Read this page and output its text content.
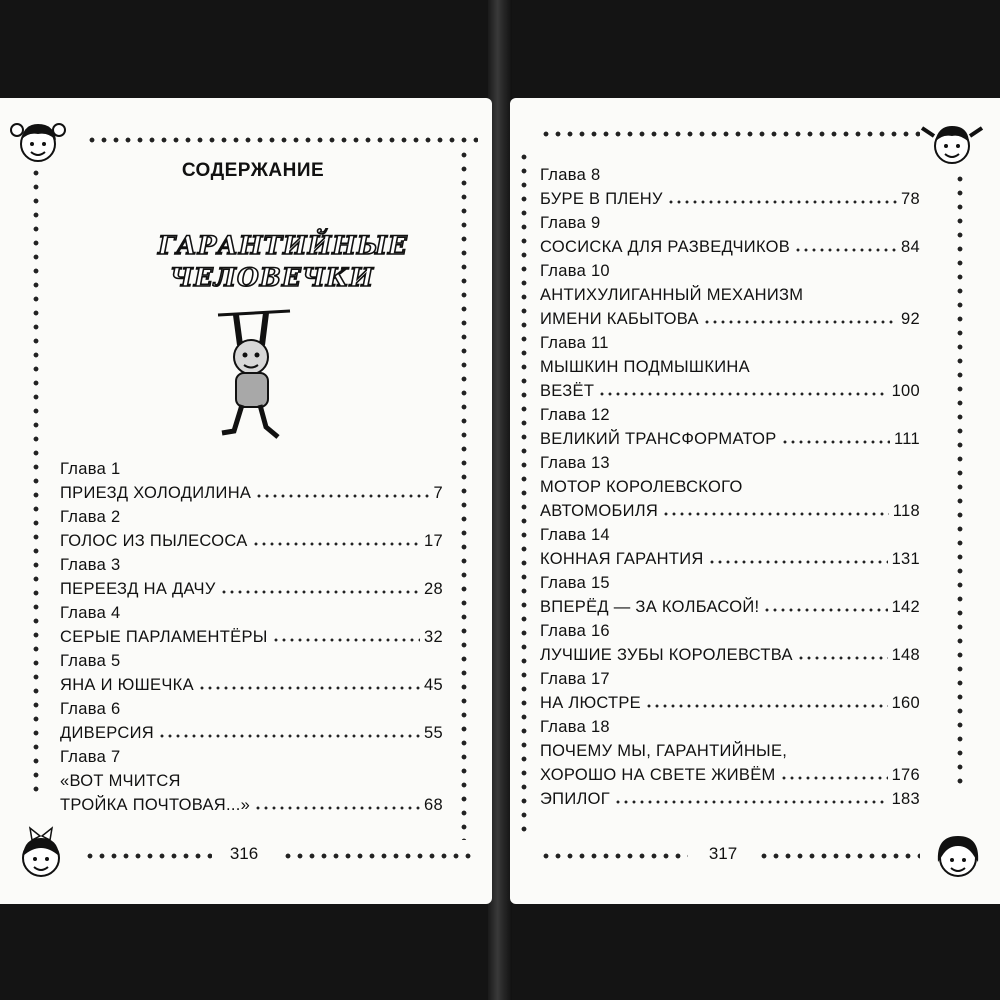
СОДЕРЖАНИЕ
ГАРАНТИЙНЫЕ
ЧЕЛОВЕЧКИ
Глава 1
ПРИЕЗД ХОЛОДИЛИНА	7
Глава 2
ГОЛОС ИЗ ПЫЛЕСОСА	17
Глава 3
ПЕРЕЕЗД НА ДАЧУ	28
Глава 4
СЕРЫЕ ПАРЛАМЕНТЁРЫ	32
Глава 5
ЯНА И ЮШЕЧКА	45
Глава 6
ДИВЕРСИЯ	55
Глава 7
«ВОТ МЧИТСЯ
ТРОЙКА ПОЧТОВАЯ...»	68
316
Глава 8
БУРЕ В ПЛЕНУ	78
Глава 9
СОСИСКА ДЛЯ РАЗВЕДЧИКОВ	84
Глава 10
АНТИХУЛИГАННЫЙ МЕХАНИЗМ
ИМЕНИ КАБЫТОВА	92
Глава 11
МЫШКИН ПОДМЫШКИНА
ВЕЗЁТ	100
Глава 12
ВЕЛИКИЙ ТРАНСФОРМАТОР	111
Глава 13
МОТОР КОРОЛЕВСКОГО
АВТОМОБИЛЯ	118
Глава 14
КОННАЯ ГАРАНТИЯ	131
Глава 15
ВПЕРЁД — ЗА КОЛБАСОЙ!	142
Глава 16
ЛУЧШИЕ ЗУБЫ КОРОЛЕВСТВА	148
Глава 17
НА ЛЮСТРЕ	160
Глава 18
ПОЧЕМУ МЫ, ГАРАНТИЙНЫЕ,
ХОРОШО НА СВЕТЕ ЖИВЁМ	176
ЭПИЛОГ	183
317
